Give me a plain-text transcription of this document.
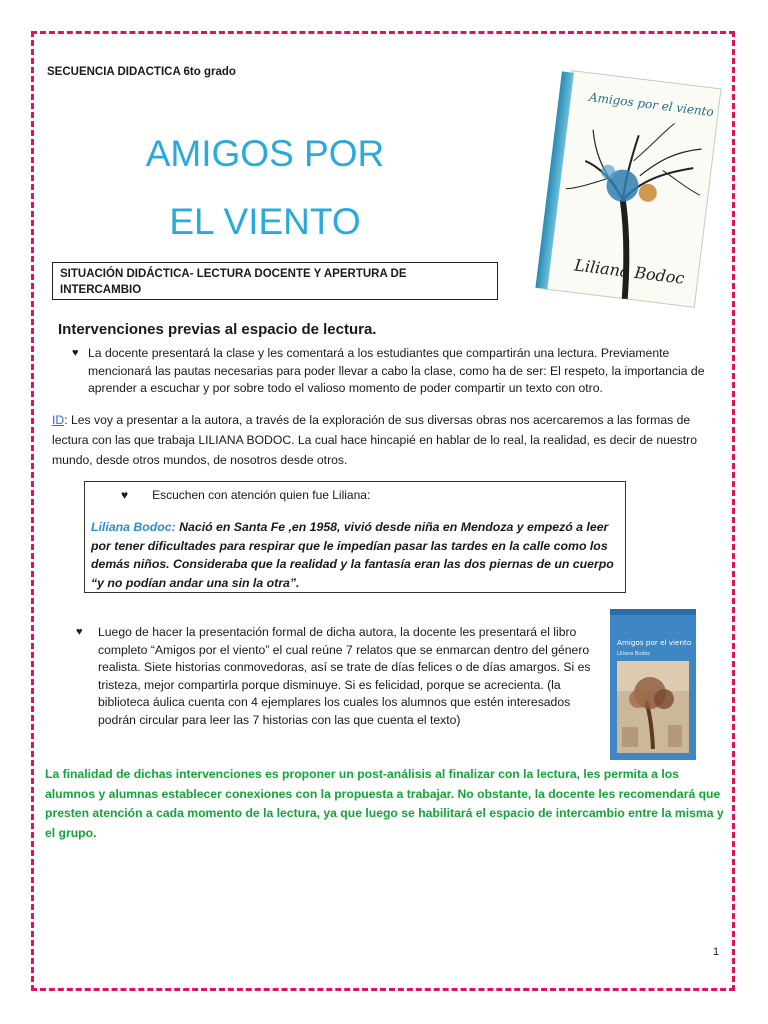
SECUENCIA DIDACTICA 6to grado
AMIGOS POR
EL VIENTO
SITUACIÓN DIDÁCTICA- LECTURA DOCENTE Y APERTURA DE INTERCAMBIO
Amigos por el viento
Liliana Bodoc
Intervenciones previas al espacio de lectura.
♥ La docente presentará la clase y les comentará a los estudiantes que compartirán una lectura. Previamente mencionará las pautas necesarias para poder llevar a cabo la clase, como ha de ser: El respeto, la importancia de aprender a escuchar y por sobre todo el valioso momento de poder compartir un texto con otro.
ID: Les voy a presentar a la autora, a través de la exploración de sus diversas obras nos acercaremos a las formas de lectura con las que trabaja LILIANA BODOC. La cual hace hincapié en hablar de lo real, la realidad, es decir de nuestro mundo, desde otros mundos, de nosotros desde otros.
♥ Escuchen con atención quien fue Liliana:
Liliana Bodoc: Nació en Santa Fe ,en 1958, vivió desde niña en Mendoza y empezó a leer por tener dificultades para respirar que le impedían pasar las tardes en la calle como los demás niños. Consideraba que la realidad y la fantasía eran las dos piernas de un cuerpo “y no podían andar una sin la otra”.
♥	Luego de hacer la presentación formal de dicha autora, la docente les presentará el libro completo “Amigos por el viento” el cual reúne 7 relatos que se enmarcan dentro del género realista. Siete historias conmovedoras, así se trate de días felices o de días amargos. Si es tristeza, mejor compartirla porque disminuye. Si es felicidad, porque se acrecienta. (la biblioteca áulica cuenta con 4 ejemplares los cuales los alumnos que estén interesados podrán circular para leer las 7 historias con las que cuenta el texto)
Amigos por el viento
Liliana Bodoc
La finalidad de dichas intervenciones es proponer un post-análisis al finalizar con la lectura, les permita a los alumnos y alumnas establecer conexiones con la propuesta a trabajar. No obstante, la docente les recomendará que presten atención a cada momento de la lectura, ya que luego se habilitará el espacio de intercambio entre la misma y el grupo.
1
